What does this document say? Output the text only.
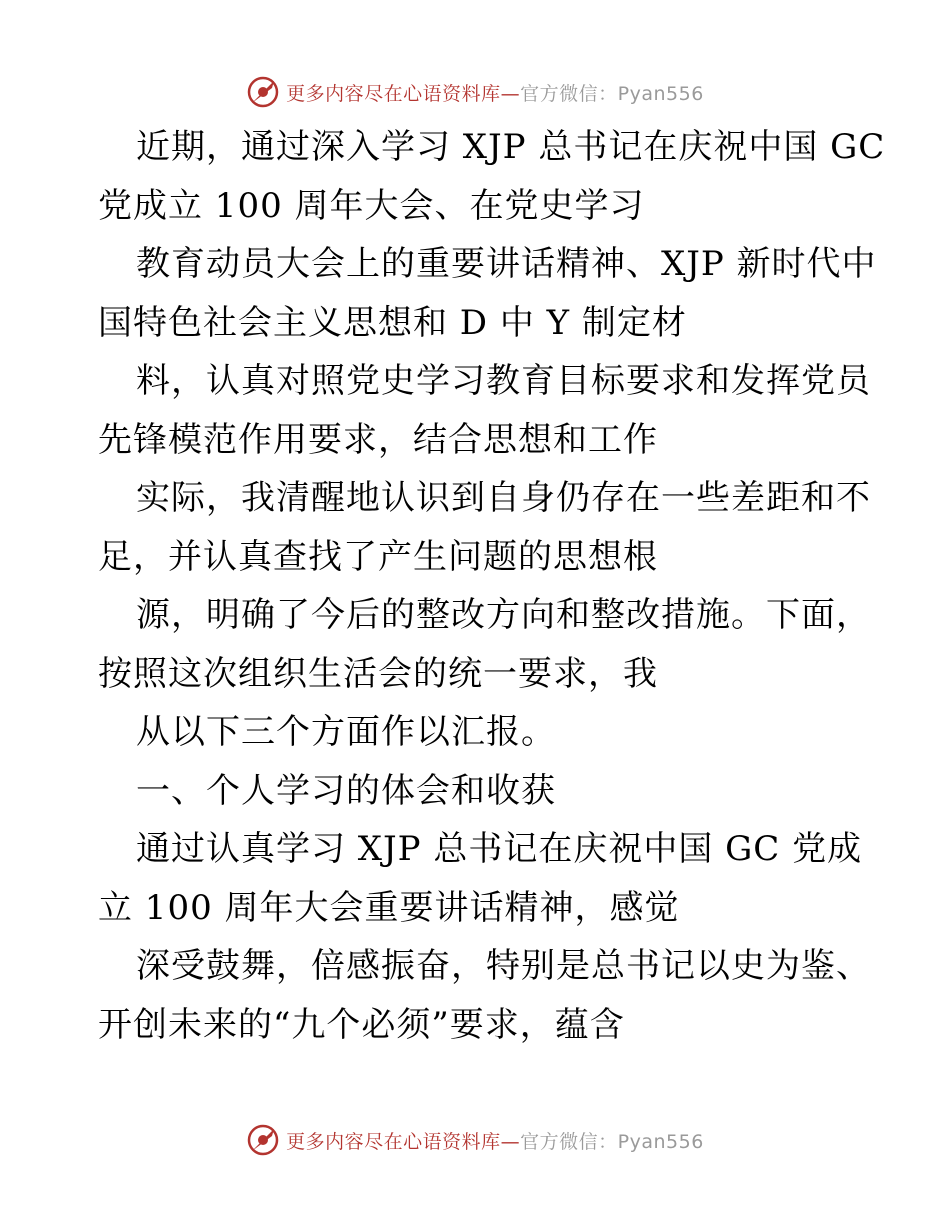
更多内容尽在心语资料库—官方微信：Pyan556
近期，通过深入学习 XJP 总书记在庆祝中国 GC
党成立 100 周年大会、在党史学习
教育动员大会上的重要讲话精神、XJP 新时代中
国特色社会主义思想和 D 中 Y 制定材
料，认真对照党史学习教育目标要求和发挥党员
先锋模范作用要求，结合思想和工作
实际，我清醒地认识到自身仍存在一些差距和不
足，并认真查找了产生问题的思想根
源，明确了今后的整改方向和整改措施。下面，
按照这次组织生活会的统一要求，我
从以下三个方面作以汇报。
一、个人学习的体会和收获
通过认真学习 XJP 总书记在庆祝中国 GC 党成
立 100 周年大会重要讲话精神，感觉
深受鼓舞，倍感振奋，特别是总书记以史为鉴、
开创未来的“九个必须”要求，蕴含
更多内容尽在心语资料库—官方微信：Pyan556
